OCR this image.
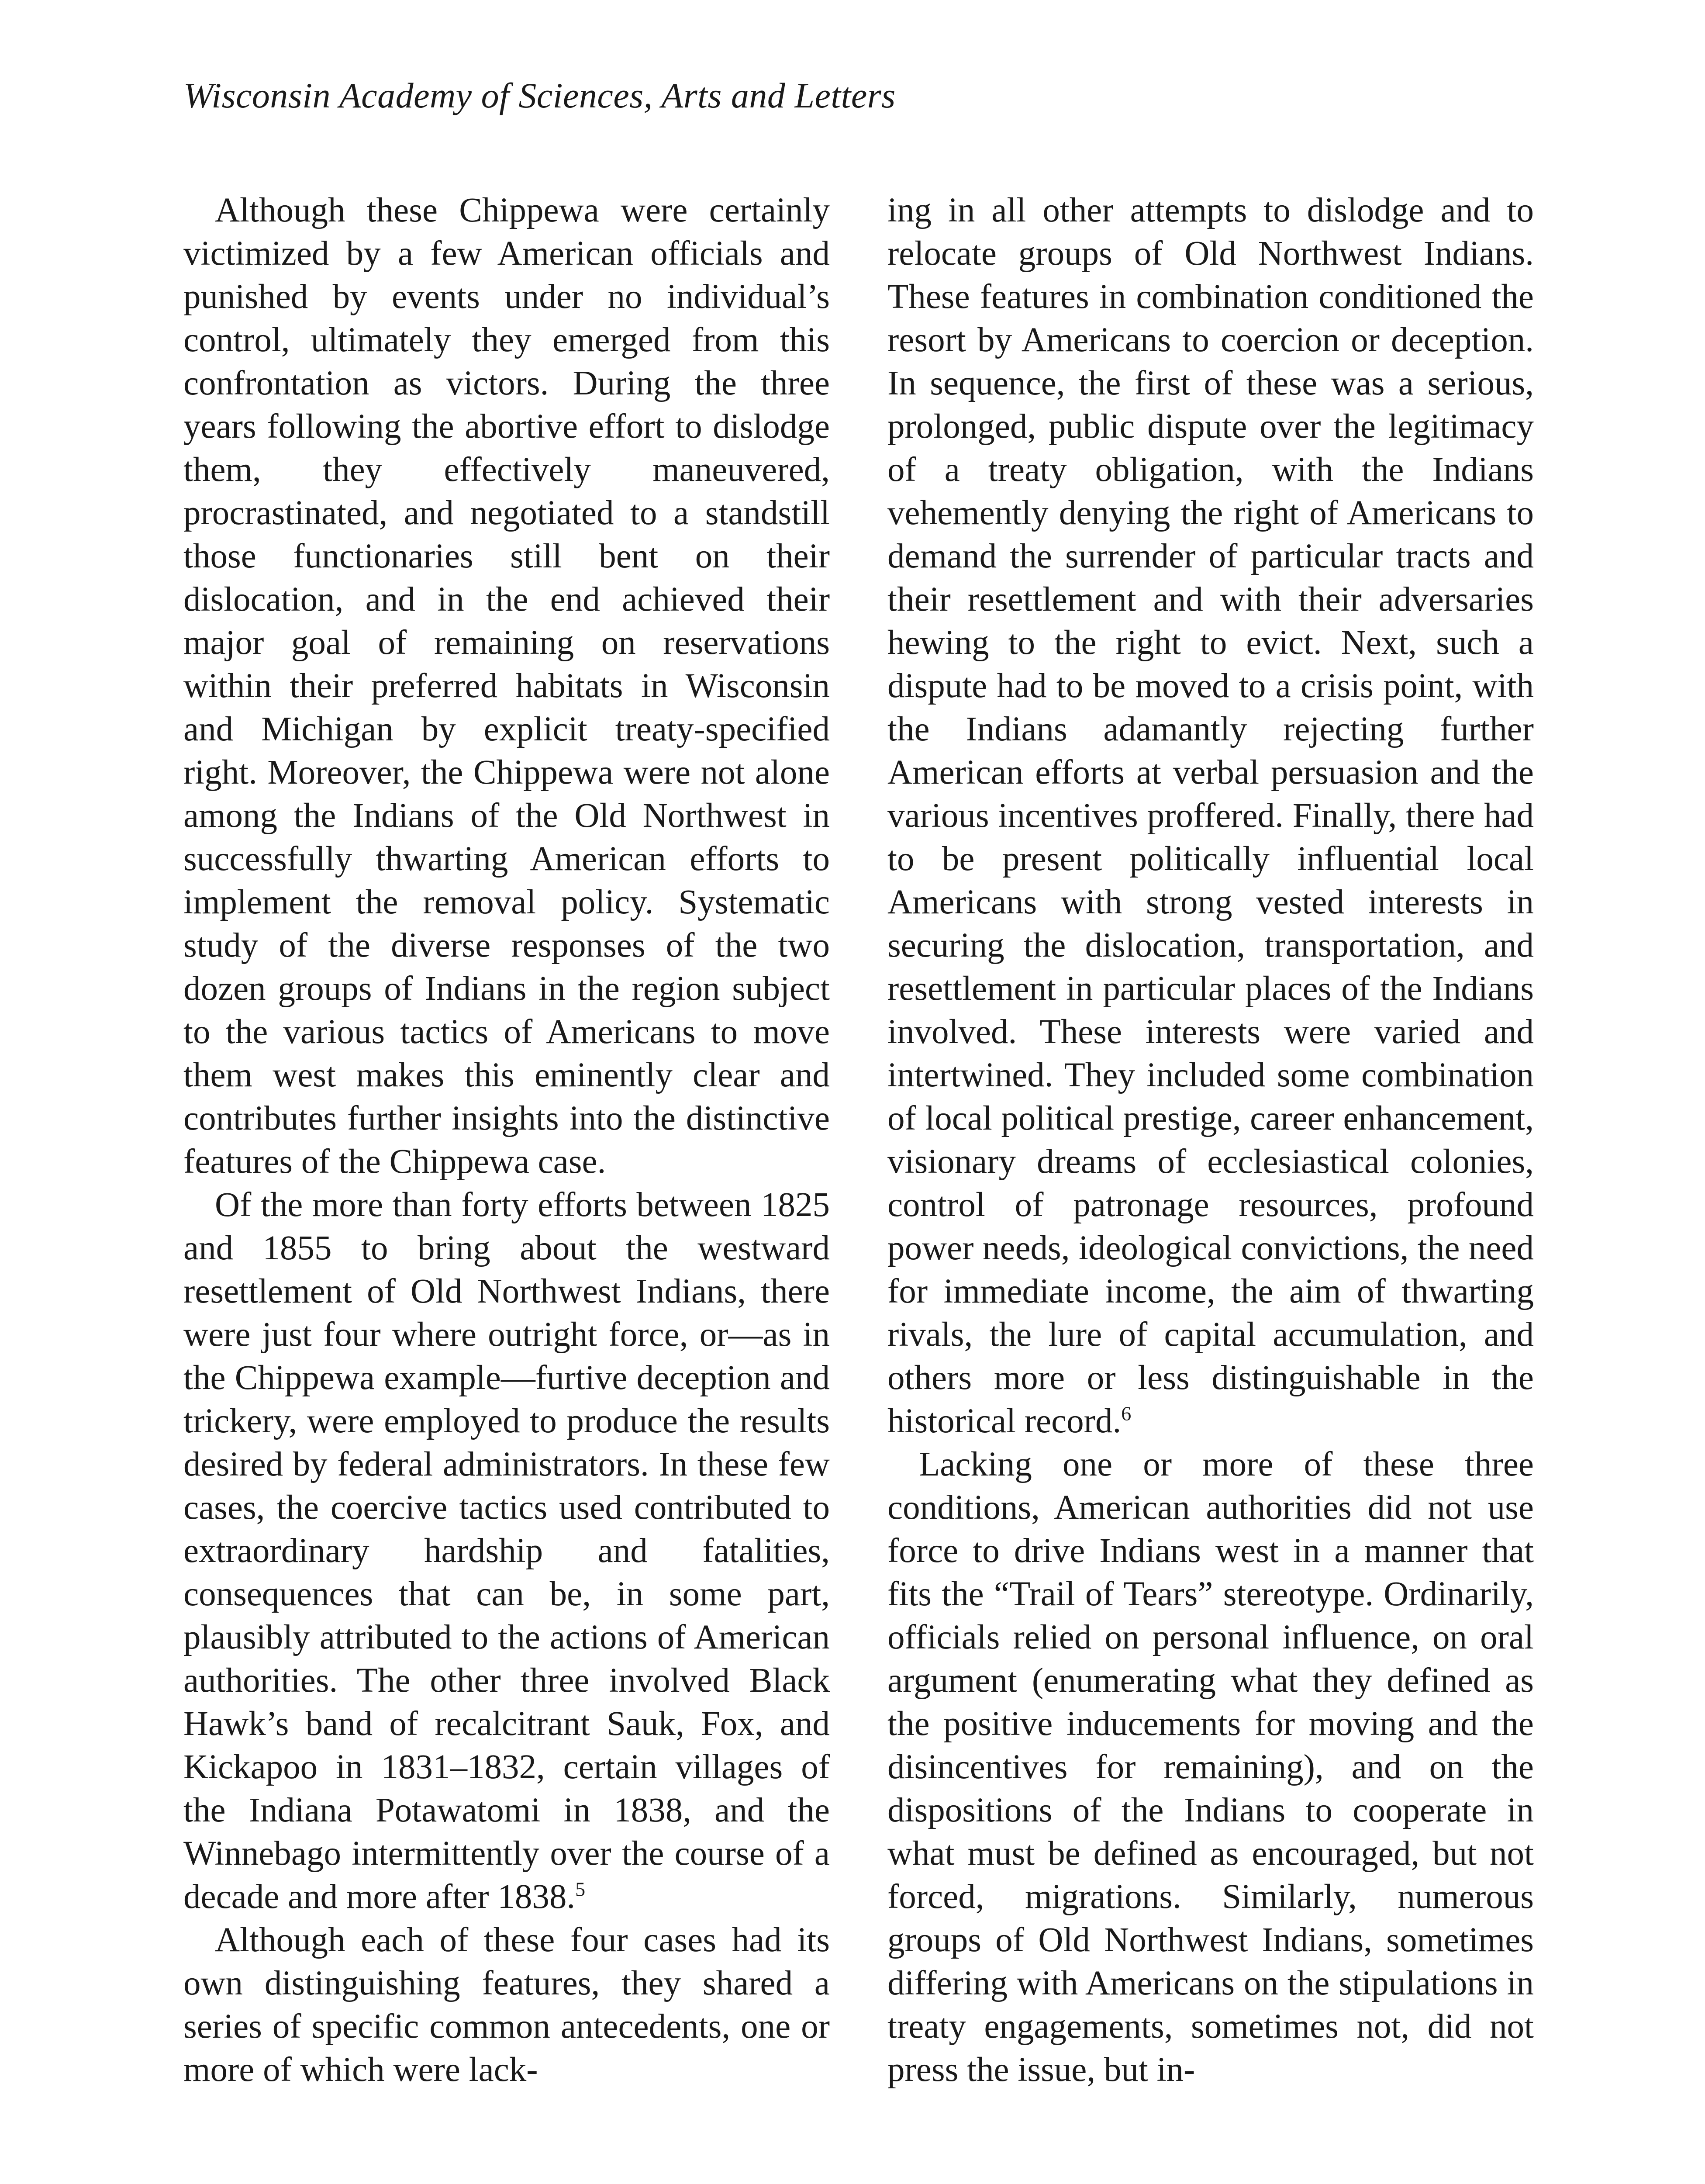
Wisconsin Academy of Sciences, Arts and Letters

Although these Chippewa were certainly victimized by a few American officials and punished by events under no individual’s control, ultimately they emerged from this confrontation as victors. During the three years following the abortive effort to dislodge them, they effectively maneuvered, procrastinated, and negotiated to a standstill those functionaries still bent on their dislocation, and in the end achieved their major goal of remaining on reservations within their preferred habitats in Wisconsin and Michigan by explicit treaty-specified right. Moreover, the Chippewa were not alone among the Indians of the Old Northwest in successfully thwarting American efforts to implement the removal policy. Systematic study of the diverse responses of the two dozen groups of Indians in the region subject to the various tactics of Americans to move them west makes this eminently clear and contributes further insights into the distinctive features of the Chippewa case.

Of the more than forty efforts between 1825 and 1855 to bring about the westward resettlement of Old Northwest Indians, there were just four where outright force, or—as in the Chippewa example—furtive deception and trickery, were employed to produce the results desired by federal administrators. In these few cases, the coercive tactics used contributed to extraordinary hardship and fatalities, consequences that can be, in some part, plausibly attributed to the actions of American authorities. The other three involved Black Hawk’s band of recalcitrant Sauk, Fox, and Kickapoo in 1831–1832, certain villages of the Indiana Potawatomi in 1838, and the Winnebago intermittently over the course of a decade and more after 1838.$^5$

Although each of these four cases had its own distinguishing features, they shared a series of specific common antecedents, one or more of which were lack-

ing in all other attempts to dislodge and to relocate groups of Old Northwest Indians. These features in combination conditioned the resort by Americans to coercion or deception. In sequence, the first of these was a serious, prolonged, public dispute over the legitimacy of a treaty obligation, with the Indians vehemently denying the right of Americans to demand the surrender of particular tracts and their resettlement and with their adversaries hewing to the right to evict. Next, such a dispute had to be moved to a crisis point, with the Indians adamantly rejecting further American efforts at verbal persuasion and the various incentives proffered. Finally, there had to be present politically influential local Americans with strong vested interests in securing the dislocation, transportation, and resettlement in particular places of the Indians involved. These interests were varied and intertwined. They included some combination of local political prestige, career enhancement, visionary dreams of ecclesiastical colonies, control of patronage resources, profound power needs, ideological convictions, the need for immediate income, the aim of thwarting rivals, the lure of capital accumulation, and others more or less distinguishable in the historical record.$^6$

Lacking one or more of these three conditions, American authorities did not use force to drive Indians west in a manner that fits the “Trail of Tears” stereotype. Ordinarily, officials relied on personal influence, on oral argument (enumerating what they defined as the positive inducements for moving and the disincentives for remaining), and on the dispositions of the Indians to cooperate in what must be defined as encouraged, but not forced, migrations. Similarly, numerous groups of Old Northwest Indians, sometimes differing with Americans on the stipulations in treaty engagements, sometimes not, did not press the issue, but in-
